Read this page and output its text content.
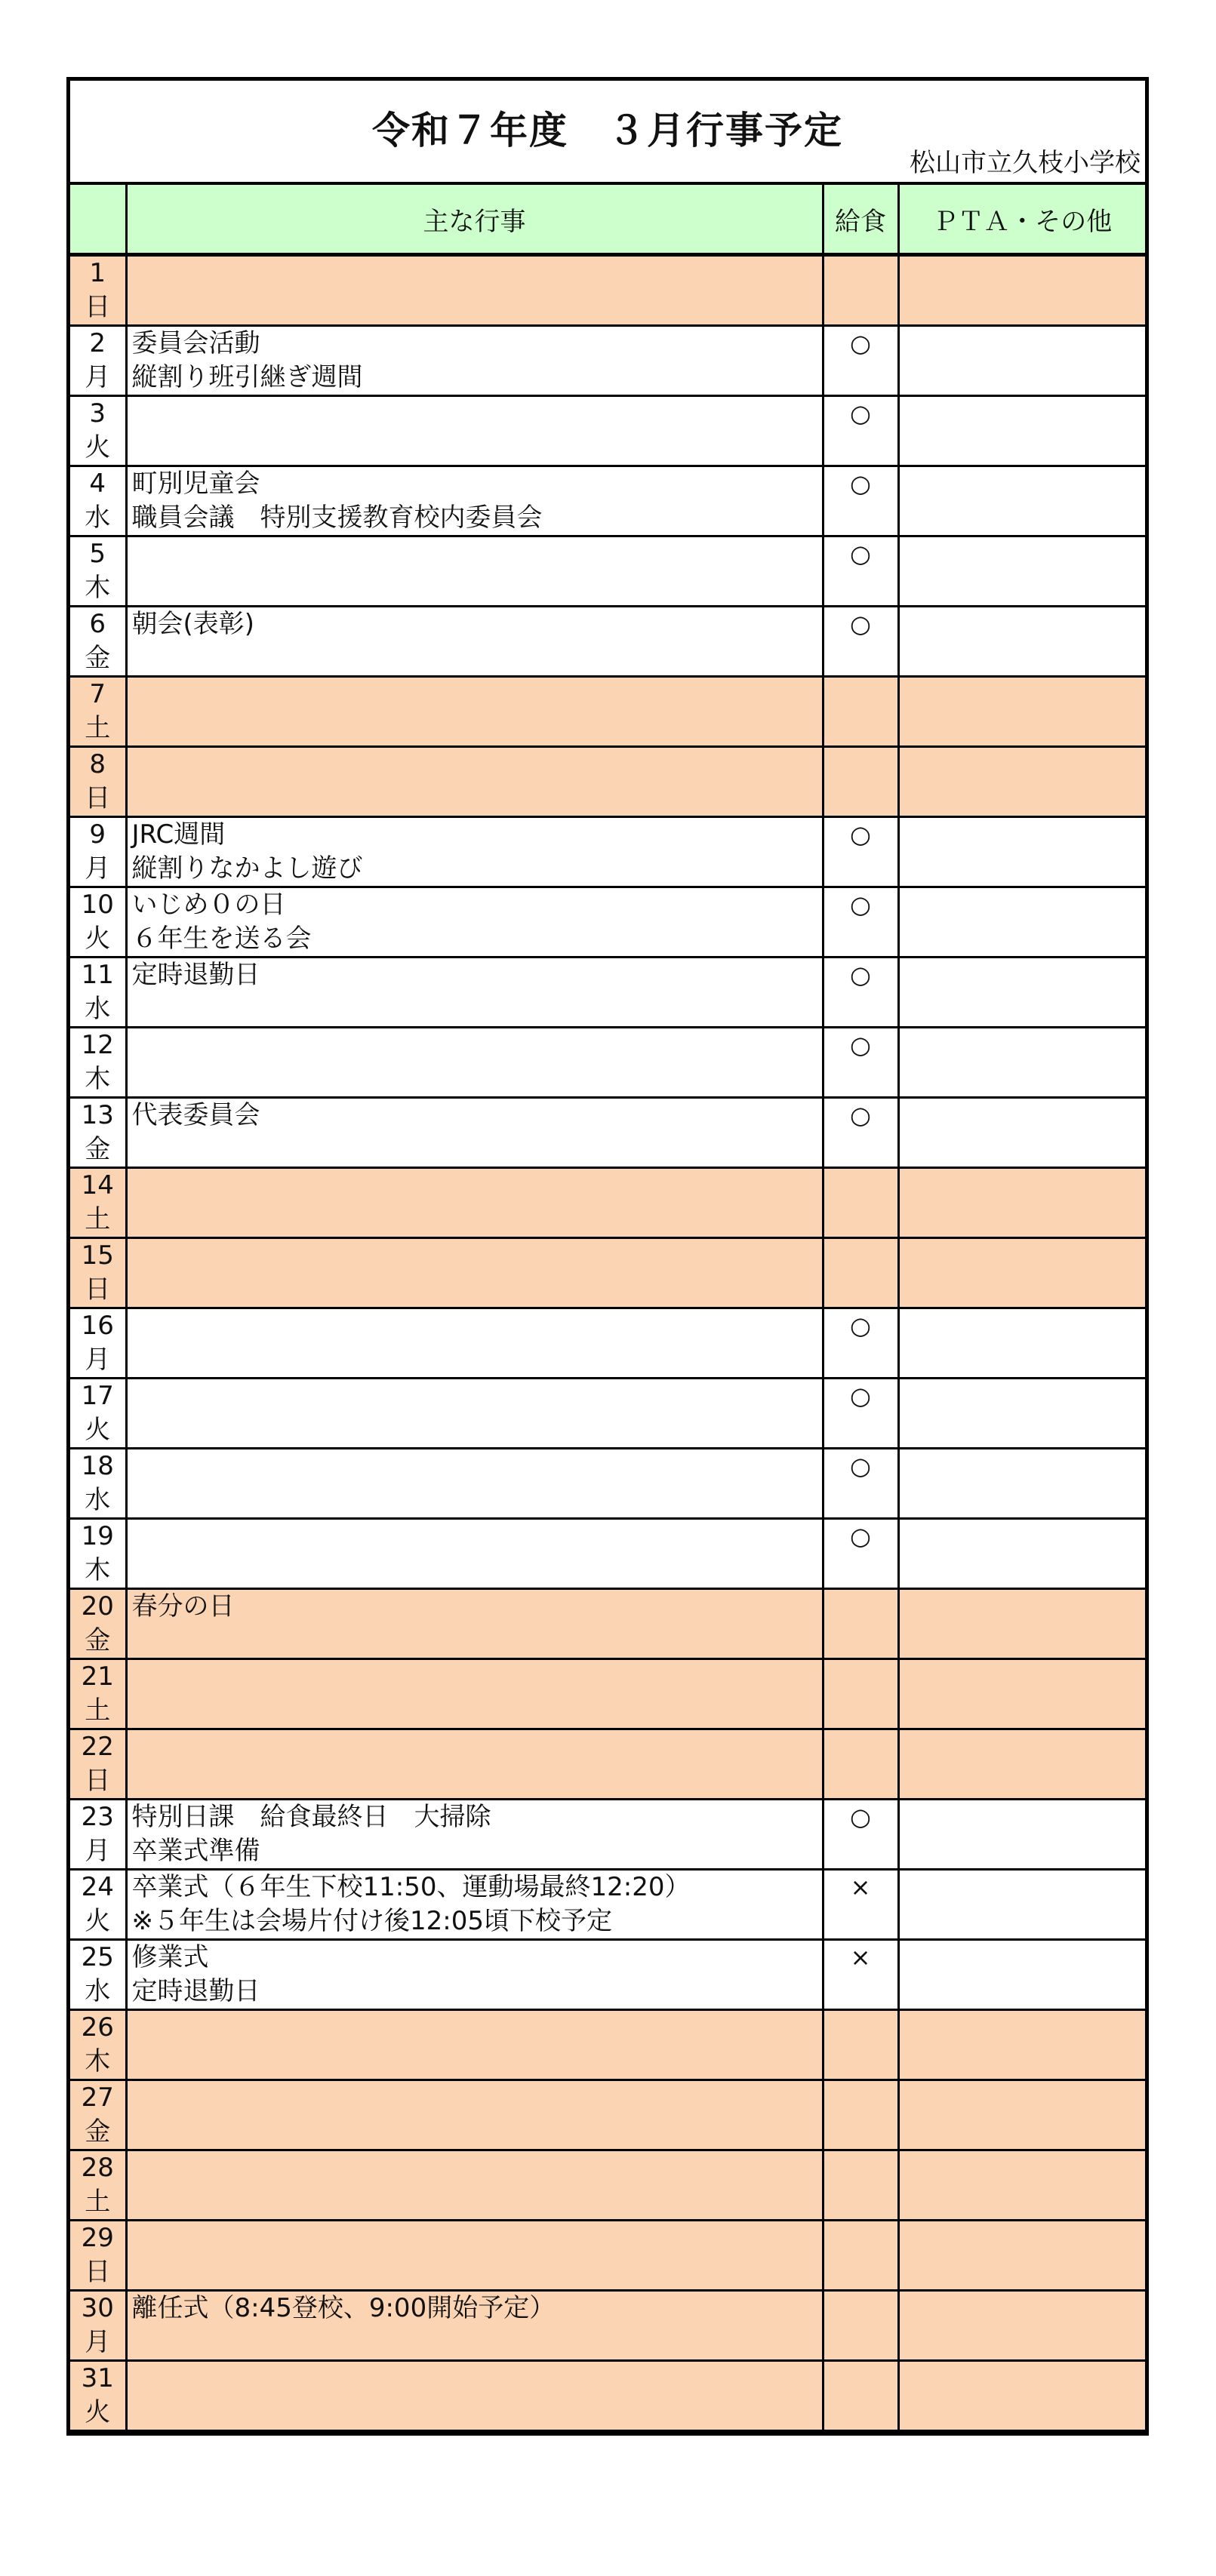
令和７年度　３月行事予定
松山市立久枝小学校
	主な行事	給食	ＰＴＡ・その他

1
日			

2
月	委員会活動
縦割り班引継ぎ週間	○	

3
火		○	

4
水	町別児童会
職員会議　特別支援教育校内委員会	○	

5
木		○	

6
金	朝会(表彰)	○	

7
土			

8
日			

9
月	JRC週間
縦割りなかよし遊び	○	

10
火	いじめ０の日
６年生を送る会	○	

11
水	定時退勤日	○	

12
木		○	

13
金	代表委員会	○	

14
土			

15
日			

16
月		○	

17
火		○	

18
水		○	

19
木		○	

20
金	春分の日		

21
土			

22
日			

23
月	特別日課　給食最終日　大掃除
卒業式準備	○	

24
火	卒業式（６年生下校11:50、運動場最終12:20）
※５年生は会場片付け後12:05頃下校予定	×	

25
水	修業式
定時退勤日	×	

26
木			

27
金			

28
土			

29
日			

30
月	離任式（8:45登校、9:00開始予定）		

31
火			
